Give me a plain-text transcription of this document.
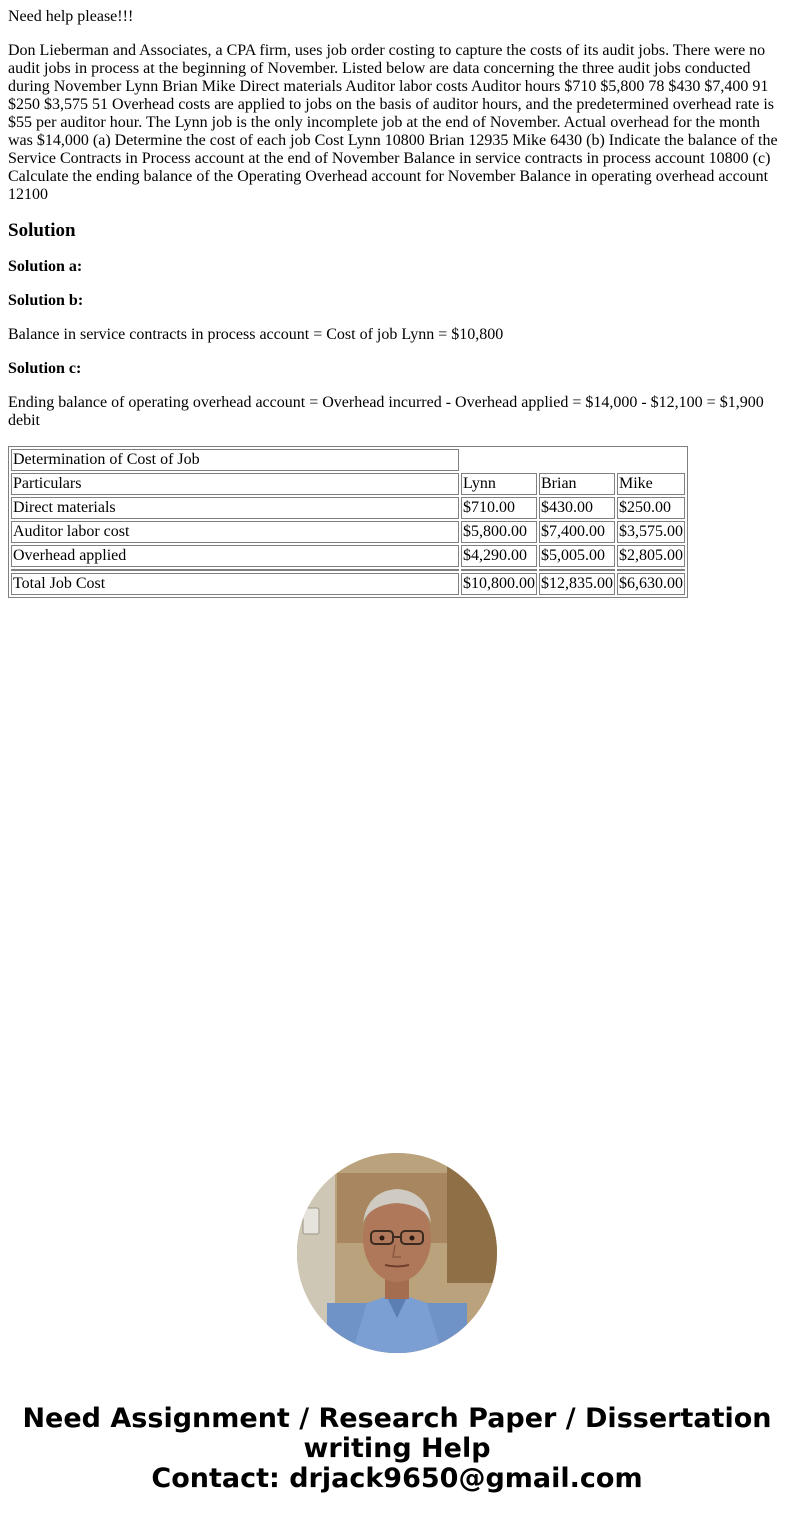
Need help please!!!

Don Lieberman and Associates, a CPA firm, uses job order costing to capture the costs of its audit jobs. There were no audit jobs in process at the beginning of November. Listed below are data concerning the three audit jobs conducted during November Lynn Brian Mike Direct materials Auditor labor costs Auditor hours $710 $5,800 78 $430 $7,400 91 $250 $3,575 51 Overhead costs are applied to jobs on the basis of auditor hours, and the predetermined overhead rate is $55 per auditor hour. The Lynn job is the only incomplete job at the end of November. Actual overhead for the month was $14,000 (a) Determine the cost of each job Cost Lynn 10800 Brian 12935 Mike 6430 (b) Indicate the balance of the Service Contracts in Process account at the end of November Balance in service contracts in process account 10800 (c) Calculate the ending balance of the Operating Overhead account for November Balance in operating overhead account 12100

Solution
Solution a:
Solution b:

Balance in service contracts in process account = Cost of job Lynn = $10,800

Solution c:

Ending balance of operating overhead account = Overhead incurred - Overhead applied = $14,000 - $12,100 = $1,900 debit

Determination of Cost of Job			
Particulars	Lynn	Brian	Mike
Direct materials	$710.00	$430.00	$250.00
Auditor labor cost	$5,800.00	$7,400.00	$3,575.00
Overhead applied	$4,290.00	$5,005.00	$2,805.00

Total Job Cost	$10,800.00	$12,835.00	$6,630.00
Need Assignment / Research Paper / Dissertation
writing Help
Contact: drjack9650@gmail.com
